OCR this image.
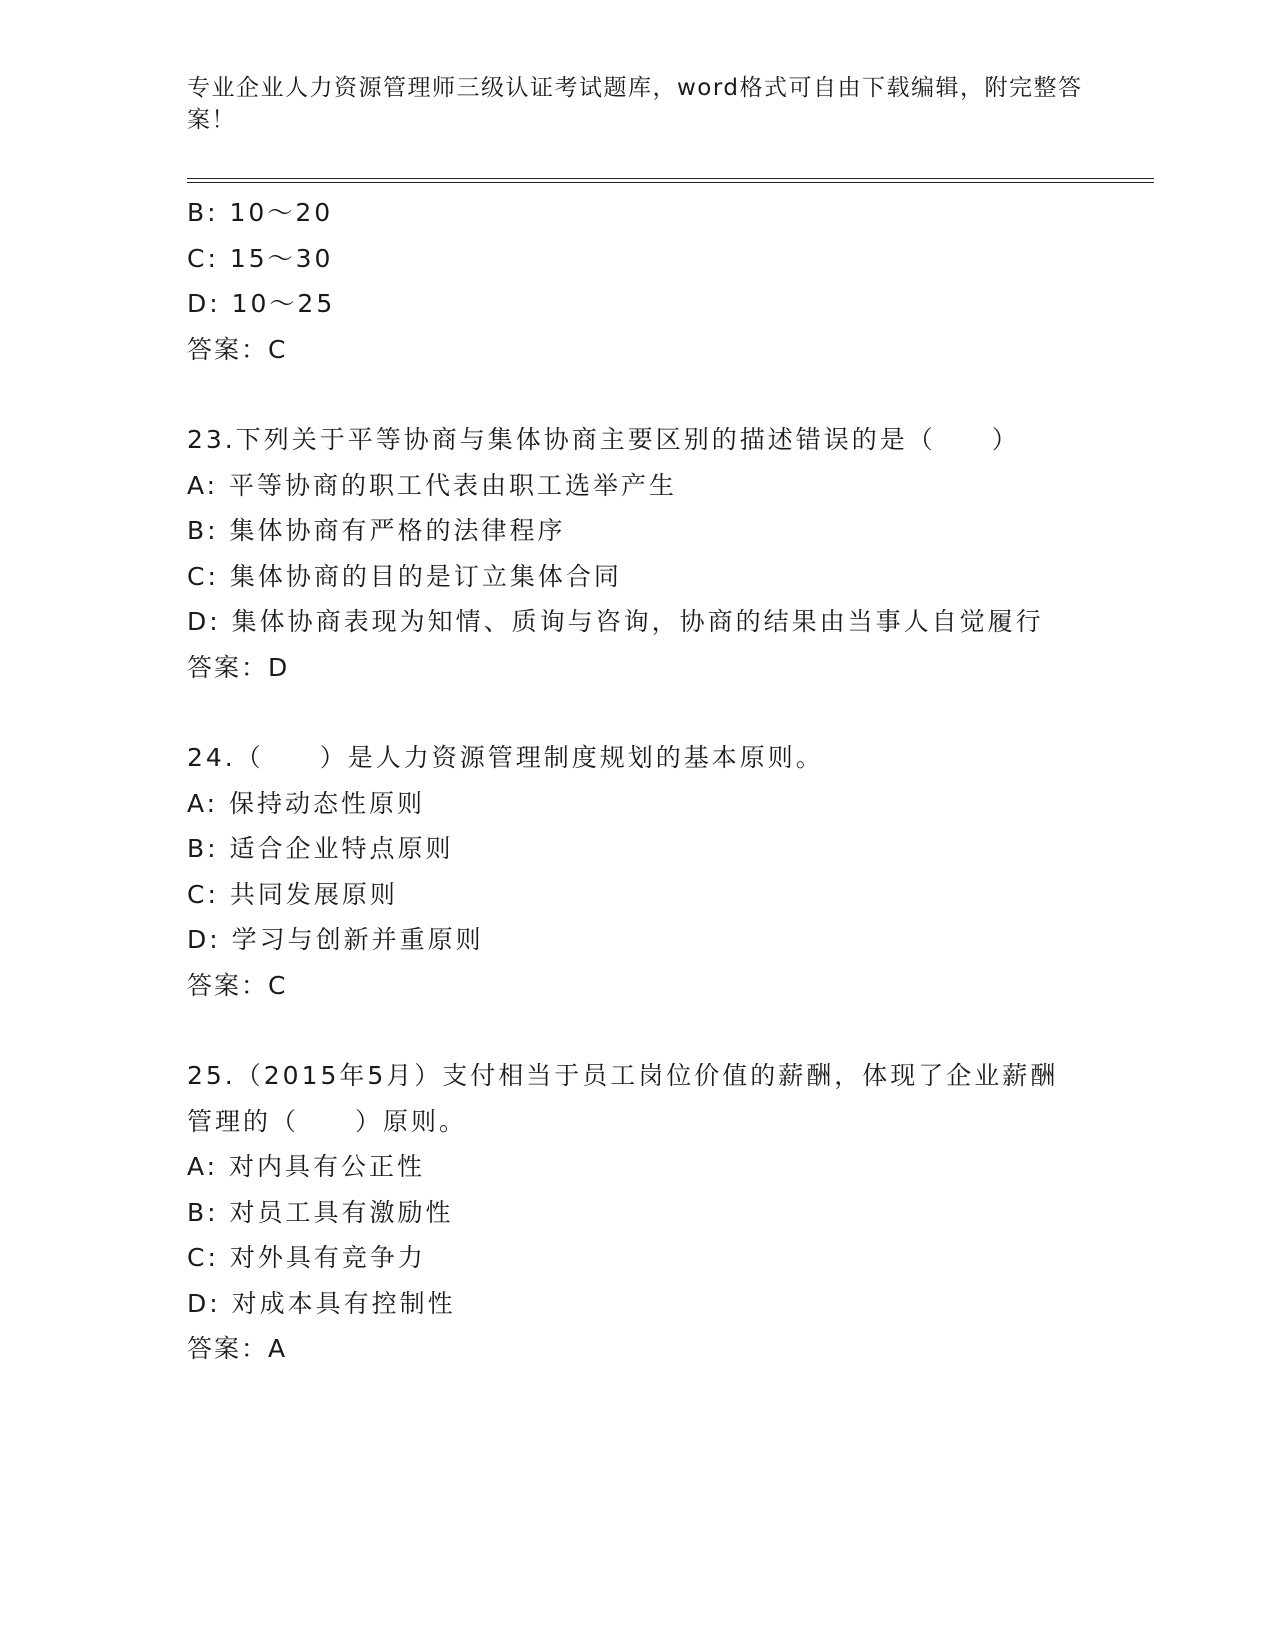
专业企业人力资源管理师三级认证考试题库，word格式可自由下载编辑，附完整答案！

B: 10～20

C: 15～30

D: 10～25

答案：C

23.下列关于平等协商与集体协商主要区别的描述错误的是（　　）

A: 平等协商的职工代表由职工选举产生

B: 集体协商有严格的法律程序

C: 集体协商的目的是订立集体合同

D: 集体协商表现为知情、质询与咨询，协商的结果由当事人自觉履行

答案：D

24.（　　）是人力资源管理制度规划的基本原则。

A: 保持动态性原则

B: 适合企业特点原则

C: 共同发展原则

D: 学习与创新并重原则

答案：C

25.（2015年5月）支付相当于员工岗位价值的薪酬，体现了企业薪酬

管理的（　　）原则。

A: 对内具有公正性

B: 对员工具有激励性

C: 对外具有竞争力

D: 对成本具有控制性

答案：A
